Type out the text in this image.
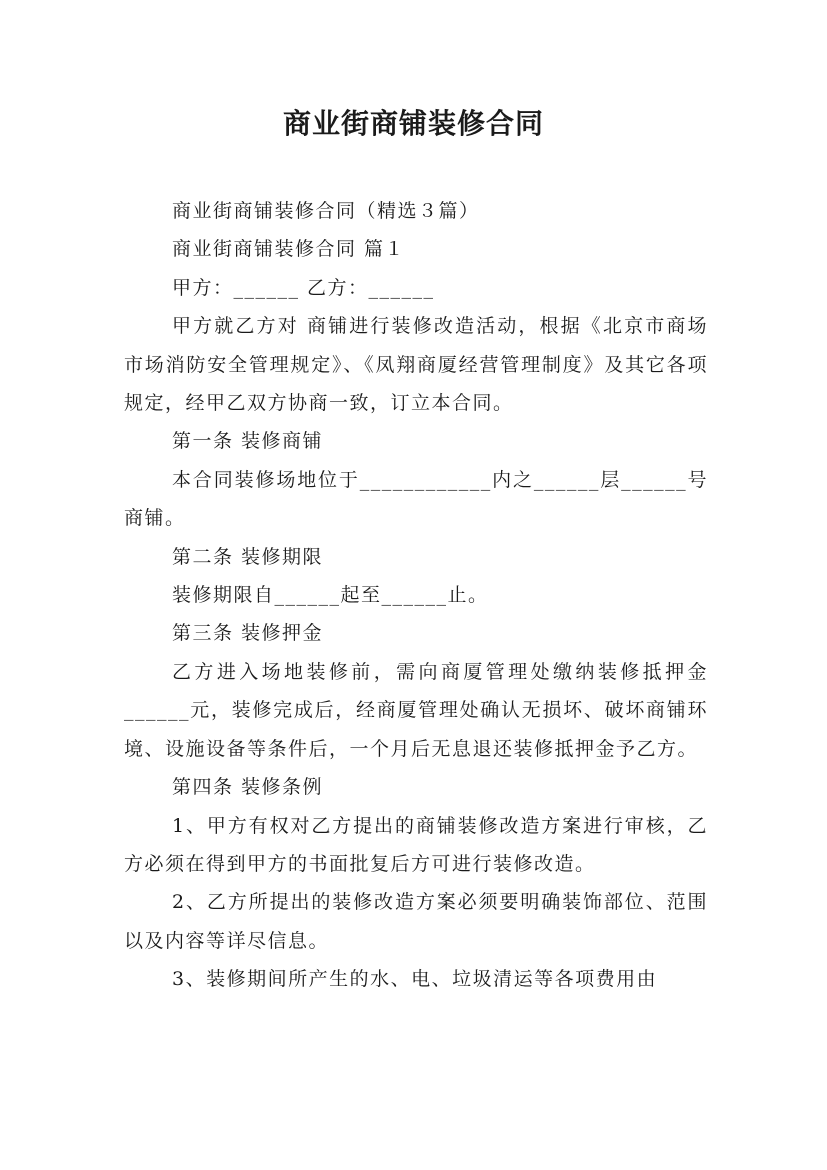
商业街商铺装修合同

商业街商铺装修合同（精选３篇）

商业街商铺装修合同 篇１

甲方：______ 乙方：______

甲方就乙方对 商铺进行装修改造活动，根据《北京市商场市场消防安全管理规定》、《凤翔商厦经营管理制度》及其它各项规定，经甲乙双方协商一致，订立本合同。

第一条 装修商铺

本合同装修场地位于____________内之______层______号商铺。

第二条 装修期限

装修期限自______起至______止。

第三条 装修押金

乙方进入场地装修前，需向商厦管理处缴纳装修抵押金______元，装修完成后，经商厦管理处确认无损坏、破坏商铺环境、设施设备等条件后，一个月后无息退还装修抵押金予乙方。

第四条 装修条例

1、甲方有权对乙方提出的商铺装修改造方案进行审核，乙方必须在得到甲方的书面批复后方可进行装修改造。

2、乙方所提出的装修改造方案必须要明确装饰部位、范围以及内容等详尽信息。

3、装修期间所产生的水、电、垃圾清运等各项费用由
